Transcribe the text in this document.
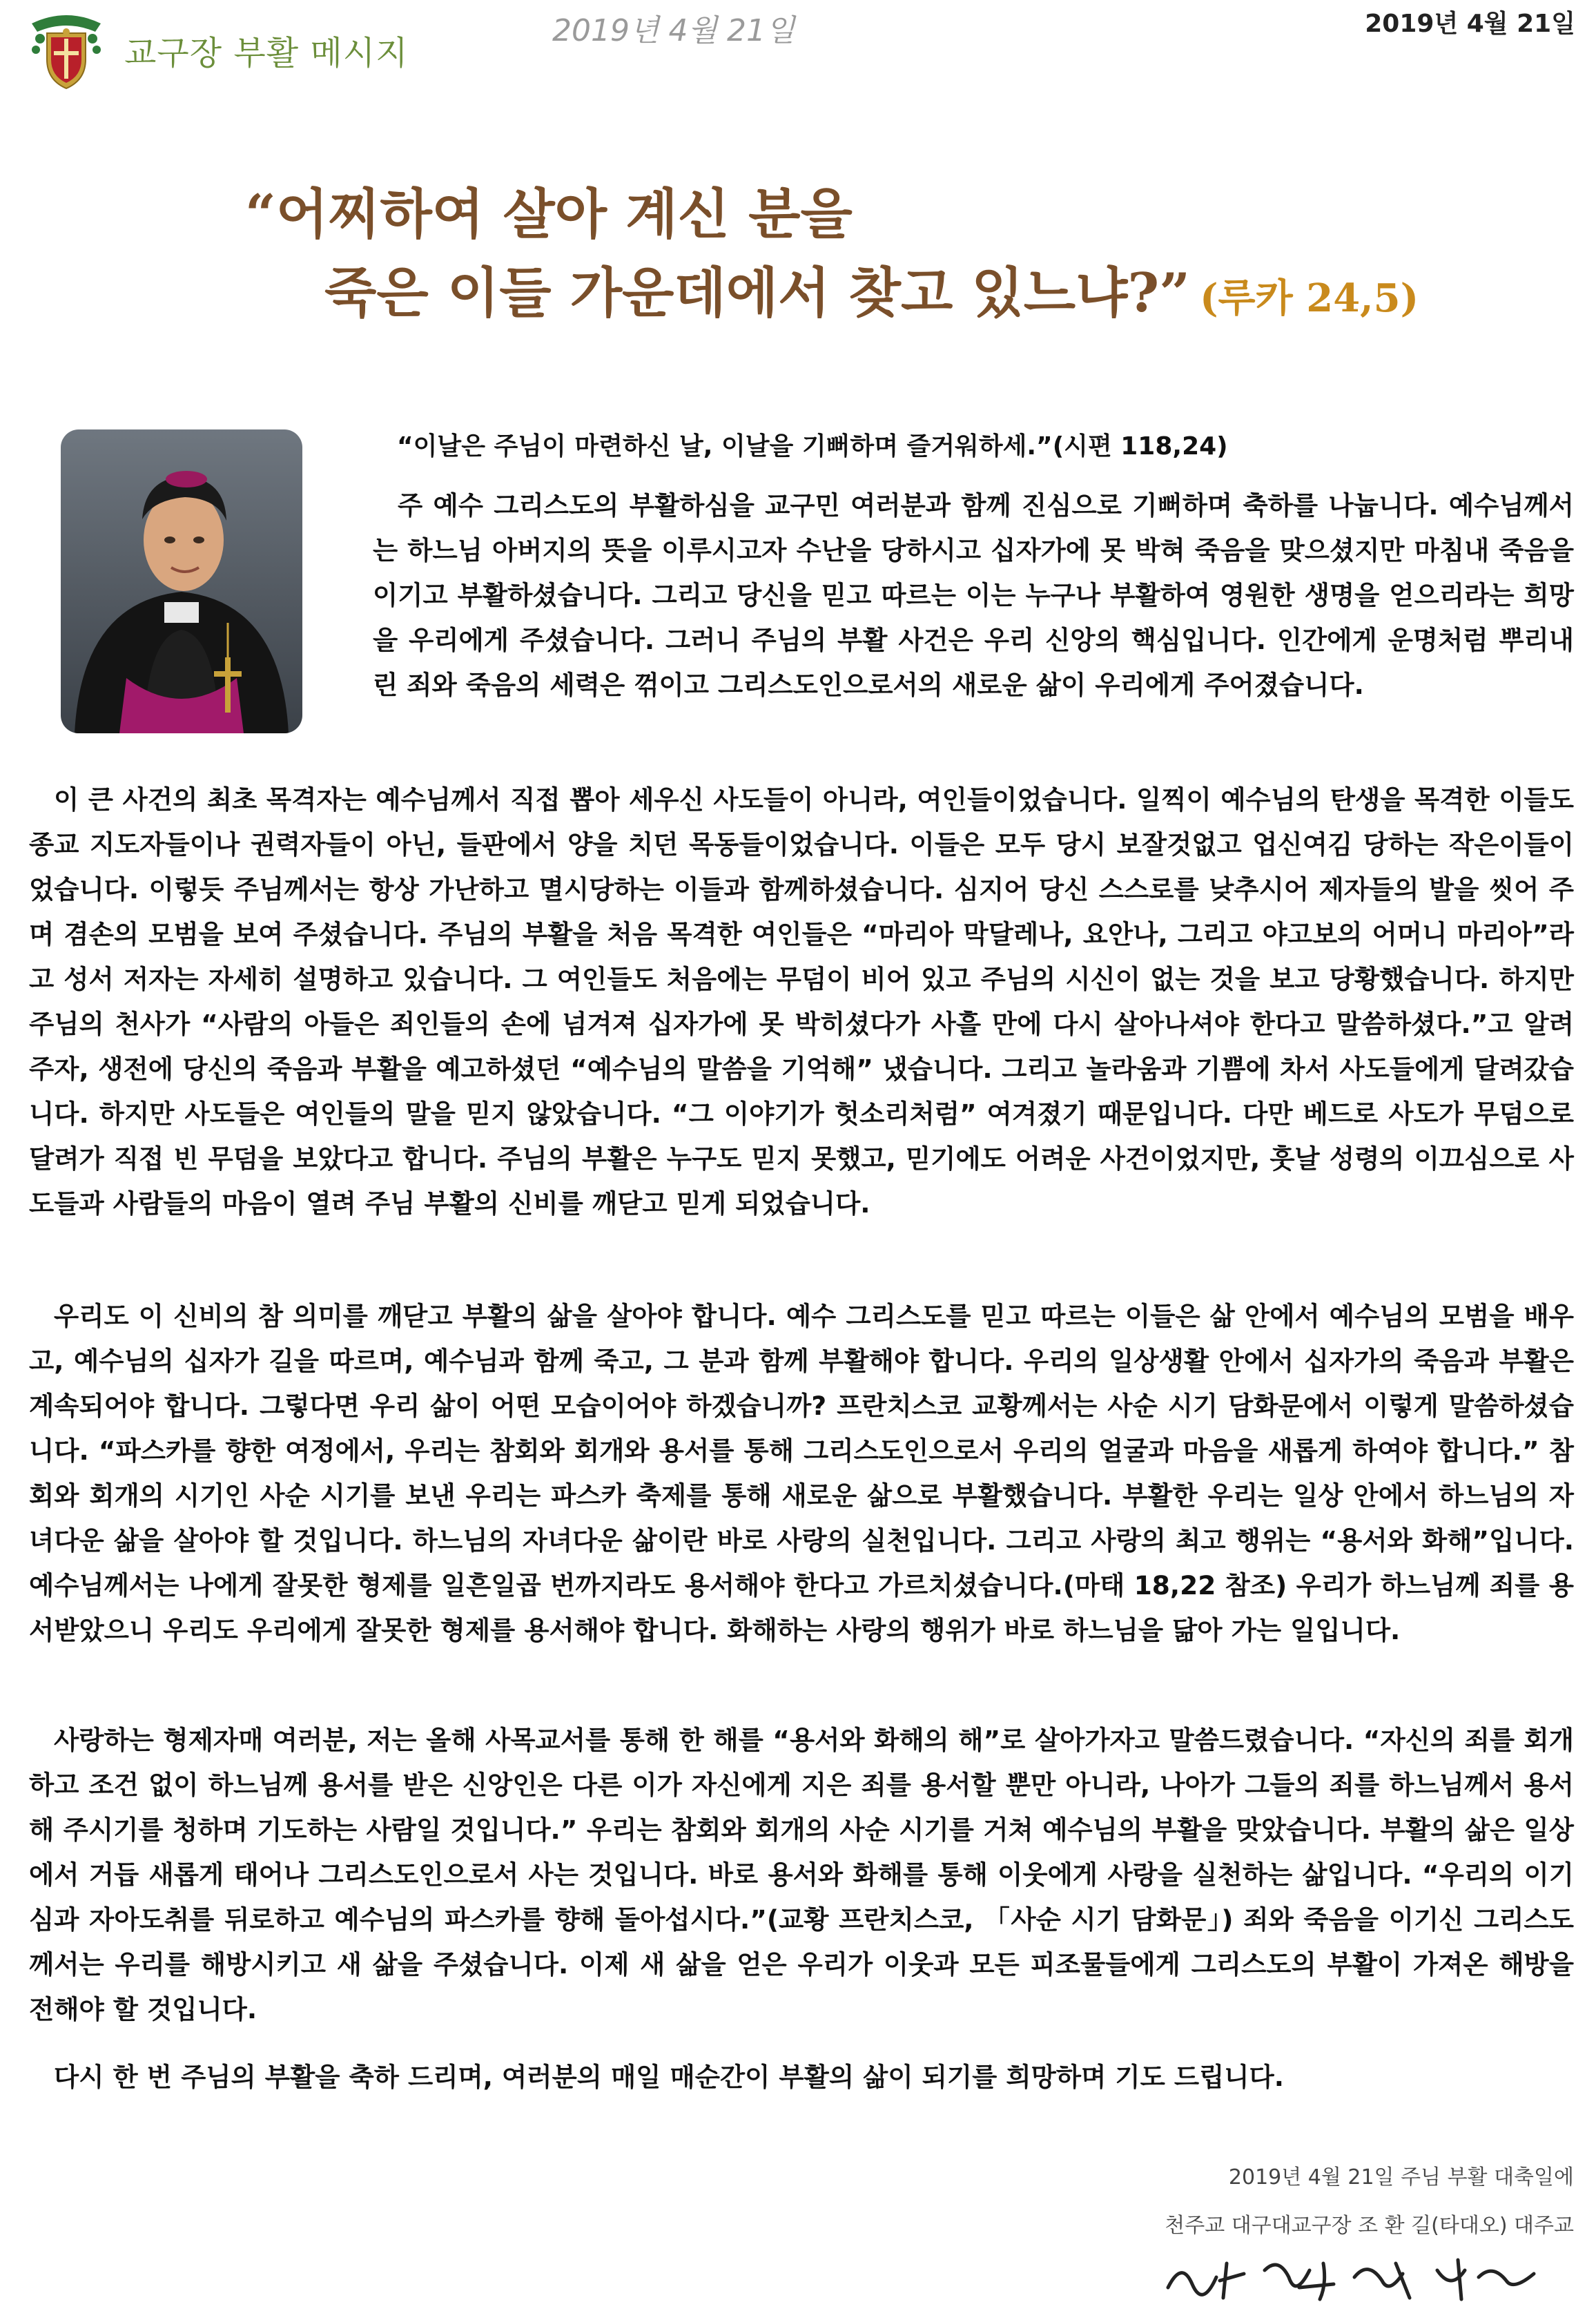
교구장 부활 메시지
2019년 4월 21일	2019년 4월 21일
“어찌하여 살아 계신 분을
죽은 이들 가운데에서 찾고 있느냐?” (루카 24,5)
“이날은 주님이 마련하신 날, 이날을 기뻐하며 즐거워하세.”(시편 118,24)

주 예수 그리스도의 부활하심을 교구민 여러분과 함께 진심으로 기뻐하며 축하를 나눕니다. 예수님께서는 하느님 아버지의 뜻을 이루시고자 수난을 당하시고 십자가에 못 박혀 죽음을 맞으셨지만 마침내 죽음을 이기고 부활하셨습니다. 그리고 당신을 믿고 따르는 이는 누구나 부활하여 영원한 생명을 얻으리라는 희망을 우리에게 주셨습니다. 그러니 주님의 부활 사건은 우리 신앙의 핵심입니다. 인간에게 운명처럼 뿌리내린 죄와 죽음의 세력은 꺾이고 그리스도인으로서의 새로운 삶이 우리에게 주어졌습니다.

이 큰 사건의 최초 목격자는 예수님께서 직접 뽑아 세우신 사도들이 아니라, 여인들이었습니다. 일찍이 예수님의 탄생을 목격한 이들도 종교 지도자들이나 권력자들이 아닌, 들판에서 양을 치던 목동들이었습니다. 이들은 모두 당시 보잘것없고 업신여김 당하는 작은이들이었습니다. 이렇듯 주님께서는 항상 가난하고 멸시당하는 이들과 함께하셨습니다. 심지어 당신 스스로를 낮추시어 제자들의 발을 씻어 주며 겸손의 모범을 보여 주셨습니다. 주님의 부활을 처음 목격한 여인들은 “마리아 막달레나, 요안나, 그리고 야고보의 어머니 마리아”라고 성서 저자는 자세히 설명하고 있습니다. 그 여인들도 처음에는 무덤이 비어 있고 주님의 시신이 없는 것을 보고 당황했습니다. 하지만 주님의 천사가 “사람의 아들은 죄인들의 손에 넘겨져 십자가에 못 박히셨다가 사흘 만에 다시 살아나셔야 한다고 말씀하셨다.”고 알려 주자, 생전에 당신의 죽음과 부활을 예고하셨던 “예수님의 말씀을 기억해” 냈습니다. 그리고 놀라움과 기쁨에 차서 사도들에게 달려갔습니다. 하지만 사도들은 여인들의 말을 믿지 않았습니다. “그 이야기가 헛소리처럼” 여겨졌기 때문입니다. 다만 베드로 사도가 무덤으로 달려가 직접 빈 무덤을 보았다고 합니다. 주님의 부활은 누구도 믿지 못했고, 믿기에도 어려운 사건이었지만, 훗날 성령의 이끄심으로 사도들과 사람들의 마음이 열려 주님 부활의 신비를 깨닫고 믿게 되었습니다.

우리도 이 신비의 참 의미를 깨닫고 부활의 삶을 살아야 합니다. 예수 그리스도를 믿고 따르는 이들은 삶 안에서 예수님의 모범을 배우고, 예수님의 십자가 길을 따르며, 예수님과 함께 죽고, 그 분과 함께 부활해야 합니다. 우리의 일상생활 안에서 십자가의 죽음과 부활은 계속되어야 합니다. 그렇다면 우리 삶이 어떤 모습이어야 하겠습니까? 프란치스코 교황께서는 사순 시기 담화문에서 이렇게 말씀하셨습니다. “파스카를 향한 여정에서, 우리는 참회와 회개와 용서를 통해 그리스도인으로서 우리의 얼굴과 마음을 새롭게 하여야 합니다.” 참회와 회개의 시기인 사순 시기를 보낸 우리는 파스카 축제를 통해 새로운 삶으로 부활했습니다. 부활한 우리는 일상 안에서 하느님의 자녀다운 삶을 살아야 할 것입니다. 하느님의 자녀다운 삶이란 바로 사랑의 실천입니다. 그리고 사랑의 최고 행위는 “용서와 화해”입니다. 예수님께서는 나에게 잘못한 형제를 일흔일곱 번까지라도 용서해야 한다고 가르치셨습니다.(마태 18,22 참조) 우리가 하느님께 죄를 용서받았으니 우리도 우리에게 잘못한 형제를 용서해야 합니다. 화해하는 사랑의 행위가 바로 하느님을 닮아 가는 일입니다.

사랑하는 형제자매 여러분, 저는 올해 사목교서를 통해 한 해를 “용서와 화해의 해”로 살아가자고 말씀드렸습니다. “자신의 죄를 회개하고 조건 없이 하느님께 용서를 받은 신앙인은 다른 이가 자신에게 지은 죄를 용서할 뿐만 아니라, 나아가 그들의 죄를 하느님께서 용서해 주시기를 청하며 기도하는 사람일 것입니다.” 우리는 참회와 회개의 사순 시기를 거쳐 예수님의 부활을 맞았습니다. 부활의 삶은 일상에서 거듭 새롭게 태어나 그리스도인으로서 사는 것입니다. 바로 용서와 화해를 통해 이웃에게 사랑을 실천하는 삶입니다. “우리의 이기심과 자아도취를 뒤로하고 예수님의 파스카를 향해 돌아섭시다.”(교황 프란치스코, 「사순 시기 담화문」) 죄와 죽음을 이기신 그리스도께서는 우리를 해방시키고 새 삶을 주셨습니다. 이제 새 삶을 얻은 우리가 이웃과 모든 피조물들에게 그리스도의 부활이 가져온 해방을 전해야 할 것입니다.

다시 한 번 주님의 부활을 축하 드리며, 여러분의 매일 매순간이 부활의 삶이 되기를 희망하며 기도 드립니다.

2019년 4월 21일 주님 부활 대축일에
천주교 대구대교구장 조 환 길(타대오) 대주교
